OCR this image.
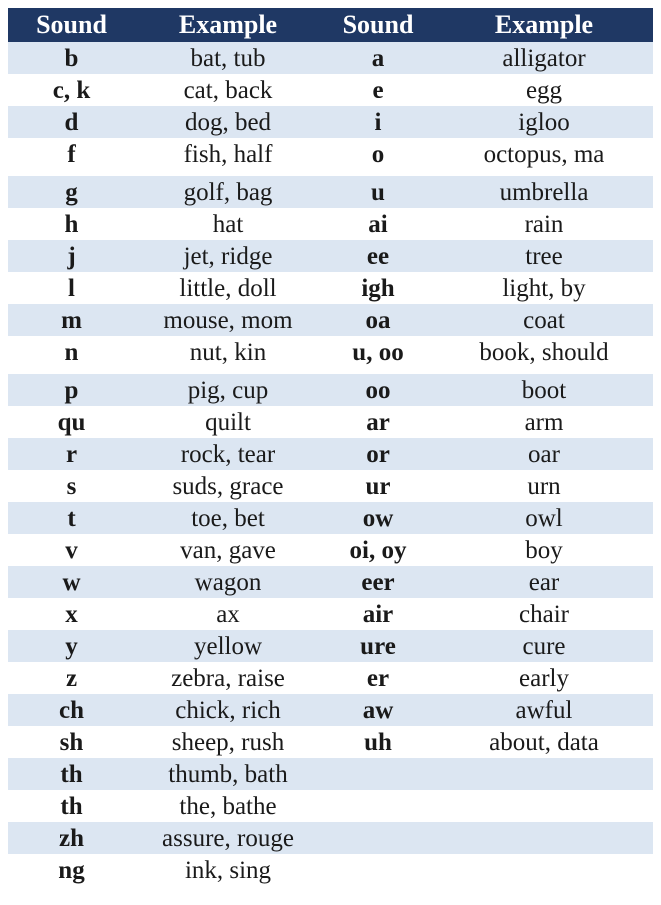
Sound	Example	Sound	Example
b	bat, tub	a	alligator
c, k	cat, back	e	egg
d	dog, bed	i	igloo
f	fish, half	o	octopus, ma

g	golf, bag	u	umbrella
h	hat	ai	rain
j	jet, ridge	ee	tree
l	little, doll	igh	light, by
m	mouse, mom	oa	coat
n	nut, kin	u, oo	book, should

p	pig, cup	oo	boot
qu	quilt	ar	arm
r	rock, tear	or	oar
s	suds, grace	ur	urn
t	toe, bet	ow	owl
v	van, gave	oi, oy	boy
w	wagon	eer	ear
x	ax	air	chair
y	yellow	ure	cure
z	zebra, raise	er	early
ch	chick, rich	aw	awful
sh	sheep, rush	uh	about, data
th	thumb, bath		
th	the, bathe		
zh	assure, rouge		
ng	ink, sing		
